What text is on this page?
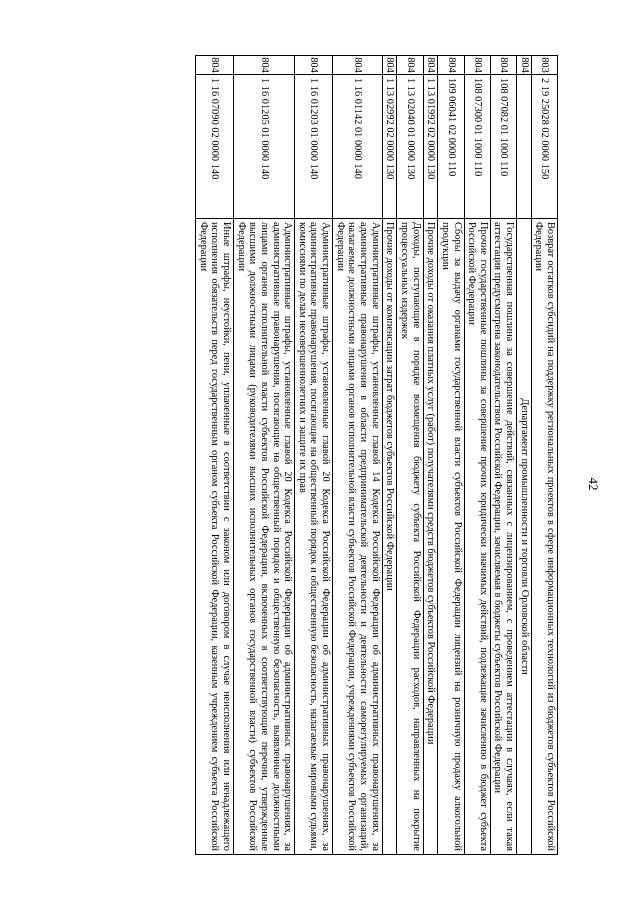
42
803	2 19 25028 02 0000 150	Возврат остатков субсидий на поддержку региональных проектов в сфере информационных технологий из бюджетов субъектов Российской Федерации
804		Департамент промышленности и торговли Орловской области
804	108 07082 01 1000 110	Государственная пошлина за совершение действий, связанных с лицензированием, с проведением аттестации в случаях, если такая аттестация предусмотрена законодательством Российской Федерации, зачисляемая в бюджеты субъектов Российской Федерации
804	108 07300 01 1000 110	Прочие государственные пошлины за совершение прочих юридически значимых действий, подлежащие зачислению в бюджет субъекта Российской Федерации
804	109 06041 02 0000 110	Сборы за выдачу органами государственной власти субъектов Российской Федерации лицензий на розничную продажу алкогольной продукции
804	1 13 01992 02 0000 130	Прочие доходы от оказания платных услуг (работ) получателями средств бюджетов субъектов Российской Федерации
804	1 13 02040 01 0000 130	Доходы, поступающие в порядке возмещения бюджету субъекта Российской Федерации расходов, направленных на покрытие процессуальных издержек
804	1 13 02992 02 0000 130	Прочие доходы от компенсации затрат бюджетов субъектов Российской Федерации
804	1 16 01142 01 0000 140	Административные штрафы, установленные главой 14 Кодекса Российской Федерации об административных правонарушениях, за административные правонарушения в области предпринимательской деятельности и деятельности саморегулируемых организаций, налагаемые должностными лицами органов исполнительной власти субъектов Российской Федерации, учреждениями субъектов Российской Федерации
804	1 16 01203 01 0000 140	Административные штрафы, установленные главой 20 Кодекса Российской Федерации об административных правонарушениях, за административные правонарушения, посягающие на общественный порядок и общественную безопасность, налагаемые мировыми судьями, комиссиями по делам несовершеннолетних и защите их прав
804	1 16 01205 01 0000 140	Административные штрафы, установленные главой 20 Кодекса Российской Федерации об административных правонарушениях, за административные правонарушения, посягающие на общественный порядок и общественную безопасность, выявленные должностными лицами органов исполнительной власти субъектов Российской Федерации, включенных в соответствующие перечни, утвержденные высшими должностными лицами (руководителями высших исполнительных органов государственной власти) субъектов Российской Федерации
804	1 16 07090 02 0000 140	Иные штрафы, неустойки, пени, уплаченные в соответствии с законом или договором в случае неисполнения или ненадлежащего исполнения обязательств перед государственным органом субъекта Российской Федерации, казенным учреждением субъекта Российской Федерации
